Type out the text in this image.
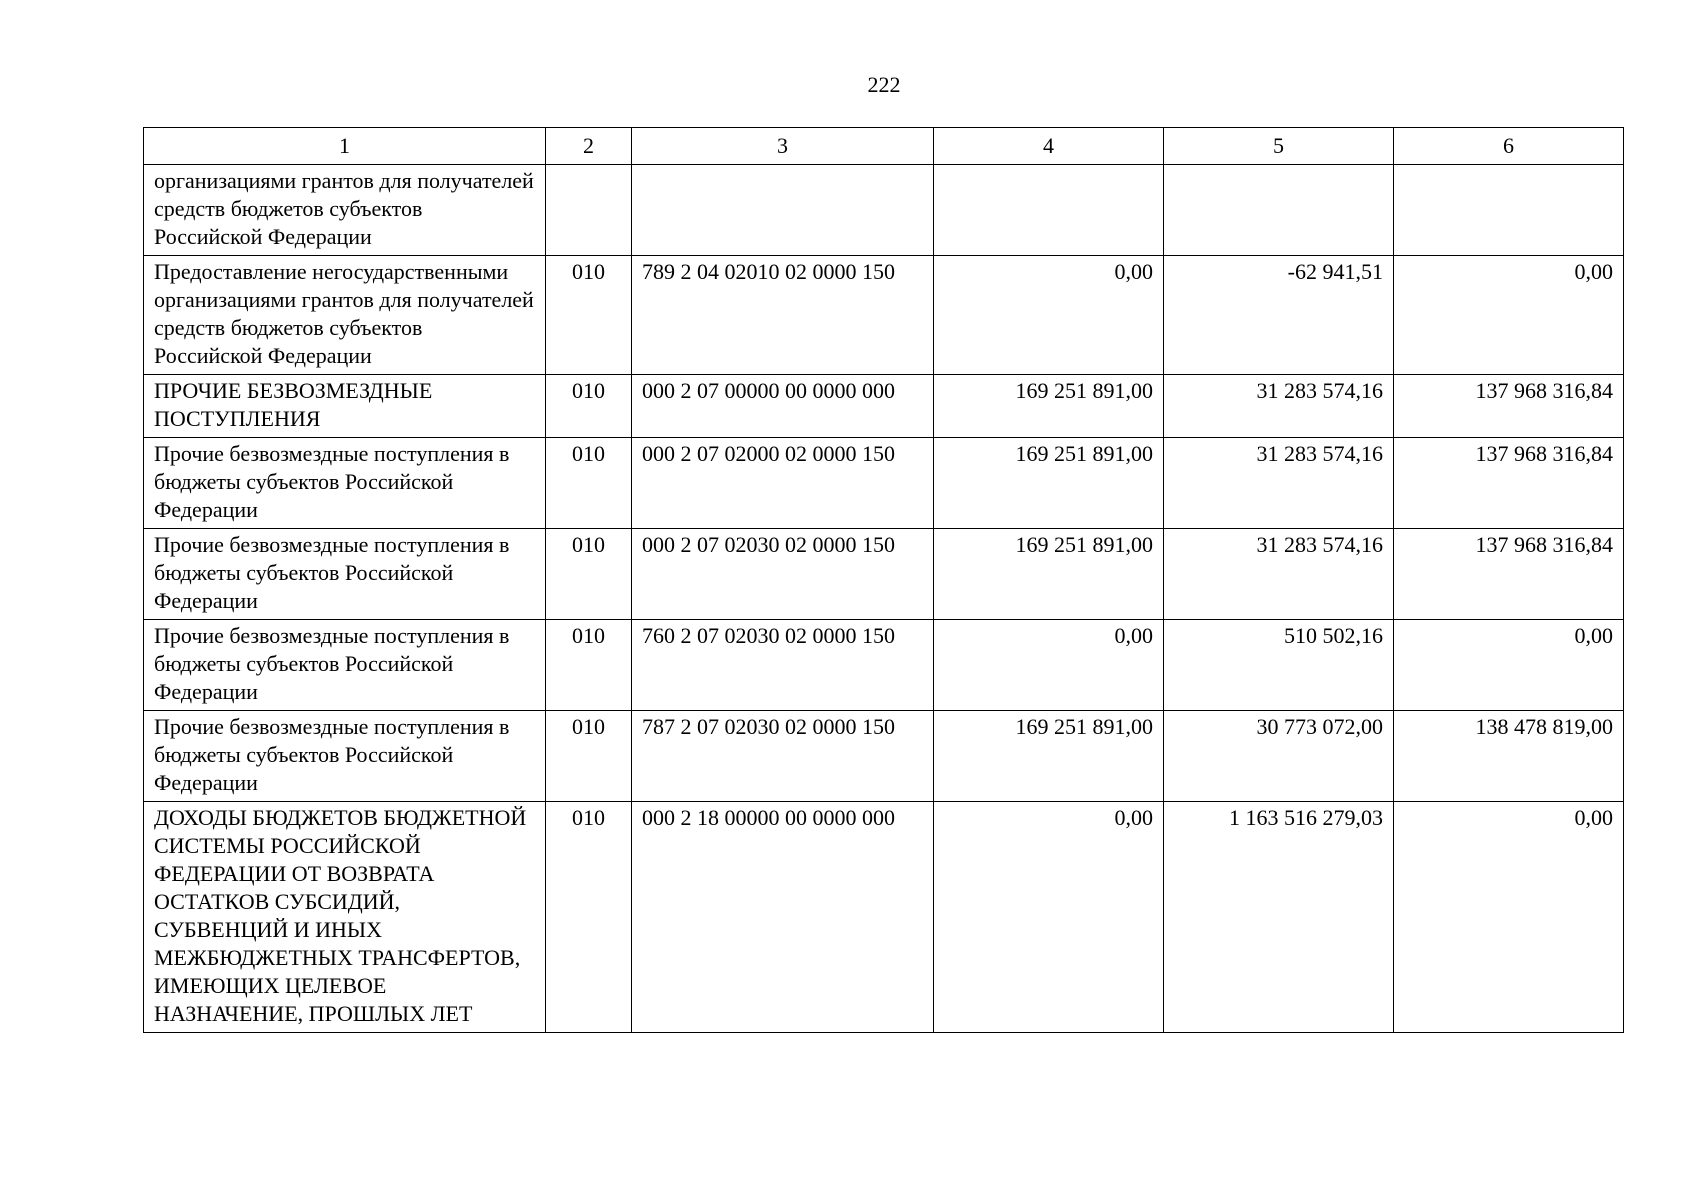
222
1	2	3	4	5	6
организациями грантов для получателей средств бюджетов субъектов Российской Федерации					
Предоставление негосударственными организациями грантов для получателей средств бюджетов субъектов Российской Федерации	010	789 2 04 02010 02 0000 150	0,00	-62 941,51	0,00
ПРОЧИЕ БЕЗВОЗМЕЗДНЫЕ ПОСТУПЛЕНИЯ	010	000 2 07 00000 00 0000 000	169 251 891,00	31 283 574,16	137 968 316,84
Прочие безвозмездные поступления в бюджеты субъектов Российской Федерации	010	000 2 07 02000 02 0000 150	169 251 891,00	31 283 574,16	137 968 316,84
Прочие безвозмездные поступления в бюджеты субъектов Российской Федерации	010	000 2 07 02030 02 0000 150	169 251 891,00	31 283 574,16	137 968 316,84
Прочие безвозмездные поступления в бюджеты субъектов Российской Федерации	010	760 2 07 02030 02 0000 150	0,00	510 502,16	0,00
Прочие безвозмездные поступления в бюджеты субъектов Российской Федерации	010	787 2 07 02030 02 0000 150	169 251 891,00	30 773 072,00	138 478 819,00
ДОХОДЫ БЮДЖЕТОВ БЮДЖЕТНОЙ СИСТЕМЫ РОССИЙСКОЙ ФЕДЕРАЦИИ ОТ ВОЗВРАТА ОСТАТКОВ СУБСИДИЙ, СУБВЕНЦИЙ И ИНЫХ МЕЖБЮДЖЕТНЫХ ТРАНСФЕРТОВ, ИМЕЮЩИХ ЦЕЛЕВОЕ НАЗНАЧЕНИЕ, ПРОШЛЫХ ЛЕТ	010	000 2 18 00000 00 0000 000	0,00	1 163 516 279,03	0,00
